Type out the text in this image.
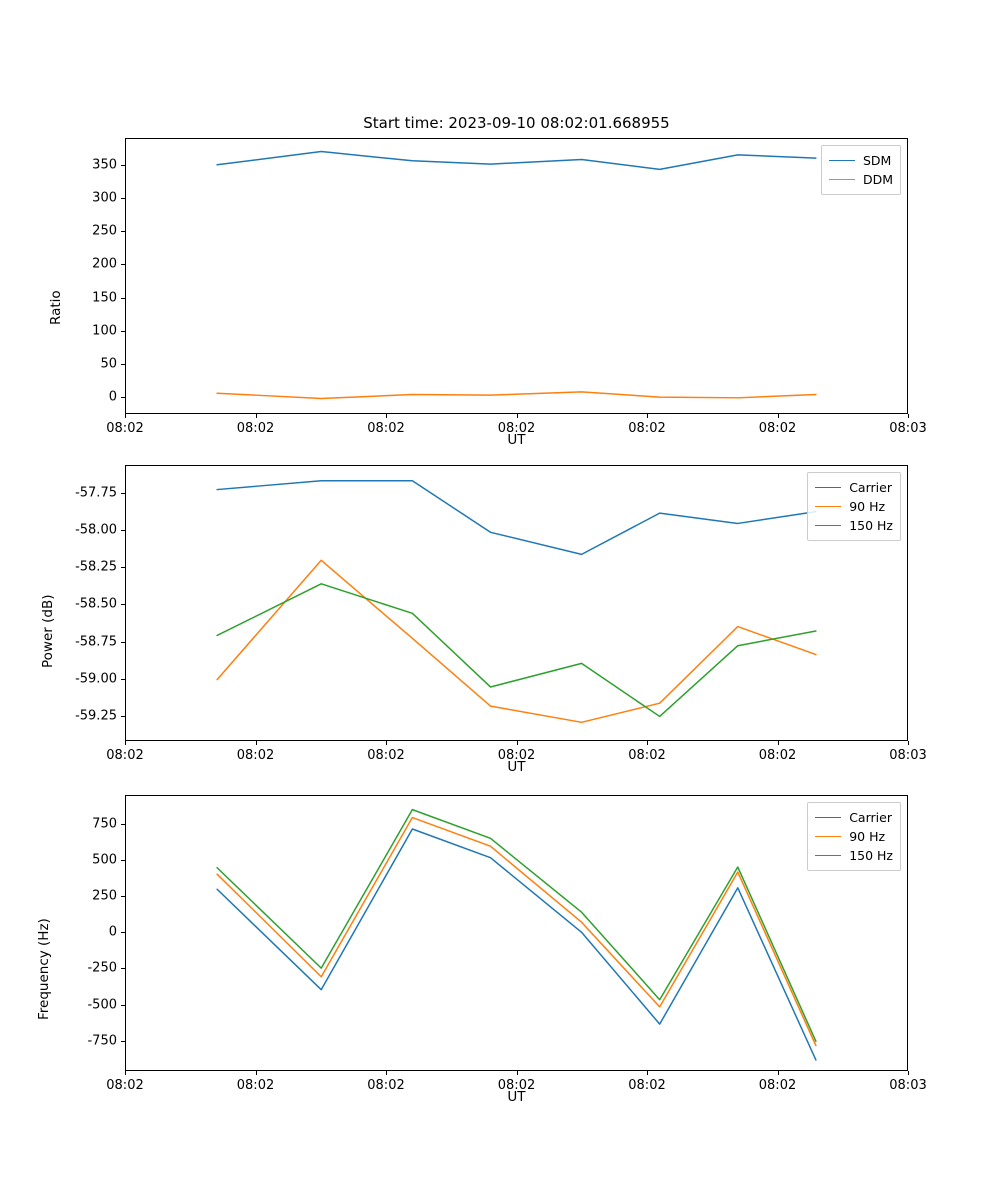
Start time: 2023-09-10 08:02:01.668955
SDM
DDM
08:02	08:02	08:02	08:02	08:02	08:02	08:03
0
50
100
150
200
250
300
350
UT
Ratio
Carrier
90 Hz
150 Hz
08:02	08:02	08:02	08:02	08:02	08:02	08:03
-59.25
-59.00
-58.75
-58.50
-58.25
-58.00
-57.75
UT
Power (dB)
Carrier
90 Hz
150 Hz
08:02	08:02	08:02	08:02	08:02	08:02	08:03
-750
-500
-250
0
250
500
750
UT
Frequency (Hz)
